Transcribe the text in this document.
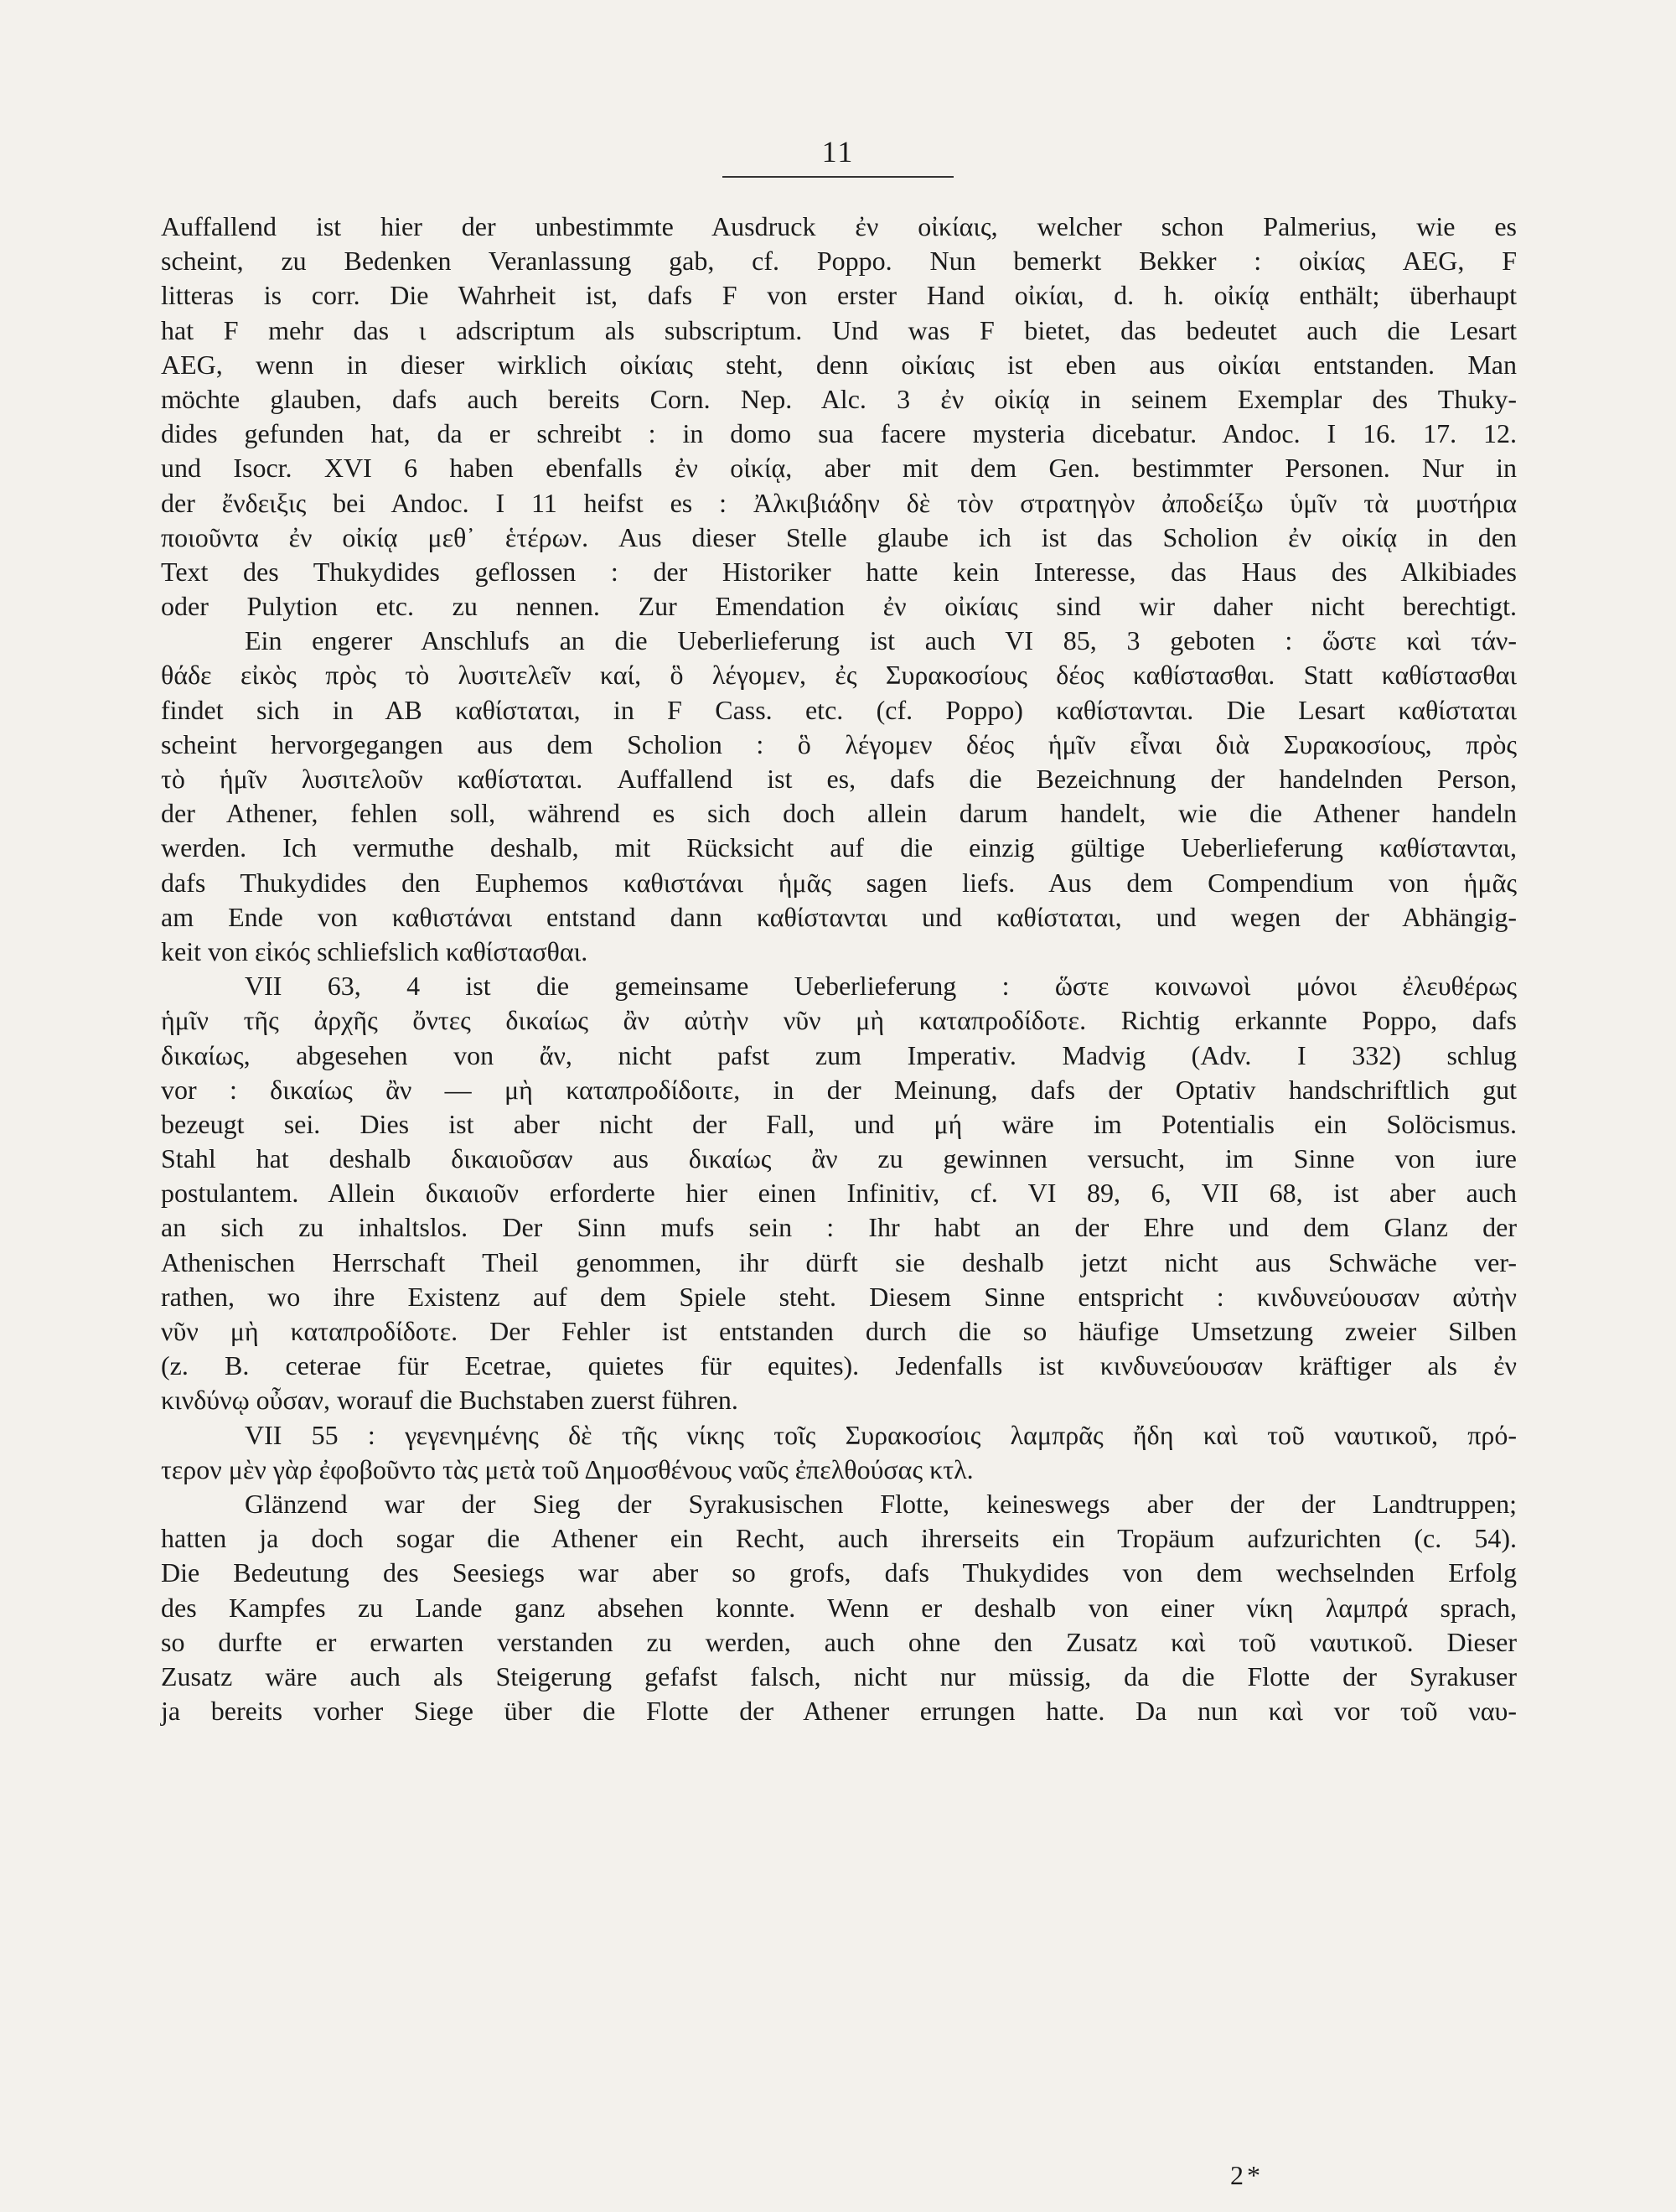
11
Auffallend ist hier der unbestimmte Ausdruck ἐν οἰκίαις, welcher schon Palmerius, wie es
scheint, zu Bedenken Veranlassung gab, cf. Poppo. Nun bemerkt Bekker : οἰκίας AEG, F
litteras is corr. Die Wahrheit ist, dafs F von erster Hand οἰκίαι, d. h. οἰκίᾳ enthält; überhaupt
hat F mehr das ι adscriptum als subscriptum. Und was F bietet, das bedeutet auch die Lesart
AEG, wenn in dieser wirklich οἰκίαις steht, denn οἰκίαις ist eben aus οἰκίαι entstanden. Man
möchte glauben, dafs auch bereits Corn. Nep. Alc. 3 ἐν οἰκίᾳ in seinem Exemplar des Thuky-
dides gefunden hat, da er schreibt : in domo sua facere mysteria dicebatur. Andoc. I 16. 17. 12.
und Isocr. XVI 6 haben ebenfalls ἐν οἰκίᾳ, aber mit dem Gen. bestimmter Personen. Nur in
der ἔνδειξις bei Andoc. I 11 heifst es : Ἀλκιβιάδην δὲ τὸν στρατηγὸν ἀποδείξω ὑμῖν τὰ μυστήρια
ποιοῦντα ἐν οἰκίᾳ μεθ᾽ ἑτέρων. Aus dieser Stelle glaube ich ist das Scholion ἐν οἰκίᾳ in den
Text des Thukydides geflossen : der Historiker hatte kein Interesse, das Haus des Alkibiades
oder Pulytion etc. zu nennen. Zur Emendation ἐν οἰκίαις sind wir daher nicht berechtigt.
Ein engerer Anschlufs an die Ueberlieferung ist auch VI 85, 3 geboten : ὥστε καὶ τάν-
θάδε εἰκὸς πρὸς τὸ λυσιτελεῖν καί, ὃ λέγομεν, ἐς Συρακοσίους δέος καθίστασθαι. Statt καθίστασθαι
findet sich in AB καθίσταται, in F Cass. etc. (cf. Poppo) καθίστανται. Die Lesart καθίσταται
scheint hervorgegangen aus dem Scholion : ὃ λέγομεν δέος ἡμῖν εἶναι διὰ Συρακοσίους, πρὸς
τὸ ἡμῖν λυσιτελοῦν καθίσταται. Auffallend ist es, dafs die Bezeichnung der handelnden Person,
der Athener, fehlen soll, während es sich doch allein darum handelt, wie die Athener handeln
werden. Ich vermuthe deshalb, mit Rücksicht auf die einzig gültige Ueberlieferung καθίστανται,
dafs Thukydides den Euphemos καθιστάναι ἡμᾶς sagen liefs. Aus dem Compendium von ἡμᾶς
am Ende von καθιστάναι entstand dann καθίστανται und καθίσταται, und wegen der Abhängig-
keit von εἰκός schliefslich καθίστασθαι.
VII 63, 4 ist die gemeinsame Ueberlieferung : ὥστε κοινωνοὶ μόνοι ἐλευθέρως
ἡμῖν τῆς ἀρχῆς ὄντες δικαίως ἂν αὐτὴν νῦν μὴ καταπροδίδοτε. Richtig erkannte Poppo, dafs
δικαίως, abgesehen von ἄν, nicht pafst zum Imperativ. Madvig (Adv. I 332) schlug
vor : δικαίως ἂν — μὴ καταπροδίδοιτε, in der Meinung, dafs der Optativ handschriftlich gut
bezeugt sei. Dies ist aber nicht der Fall, und μή wäre im Potentialis ein Solöcismus.
Stahl hat deshalb δικαιοῦσαν aus δικαίως ἂν zu gewinnen versucht, im Sinne von iure
postulantem. Allein δικαιοῦν erforderte hier einen Infinitiv, cf. VI 89, 6, VII 68, ist aber auch
an sich zu inhaltslos. Der Sinn mufs sein : Ihr habt an der Ehre und dem Glanz der
Athenischen Herrschaft Theil genommen, ihr dürft sie deshalb jetzt nicht aus Schwäche ver-
rathen, wo ihre Existenz auf dem Spiele steht. Diesem Sinne entspricht : κινδυνεύουσαν αὐτὴν
νῦν μὴ καταπροδίδοτε. Der Fehler ist entstanden durch die so häufige Umsetzung zweier Silben
(z. B. ceterae für Ecetrae, quietes für equites). Jedenfalls ist κινδυνεύουσαν kräftiger als ἐν
κινδύνῳ οὖσαν, worauf die Buchstaben zuerst führen.
VII 55 : γεγενημένης δὲ τῆς νίκης τοῖς Συρακοσίοις λαμπρᾶς ἤδη καὶ τοῦ ναυτικοῦ, πρό-
τερον μὲν γὰρ ἐφοβοῦντο τὰς μετὰ τοῦ Δημοσθένους ναῦς ἐπελθούσας κτλ.
Glänzend war der Sieg der Syrakusischen Flotte, keineswegs aber der der Landtruppen;
hatten ja doch sogar die Athener ein Recht, auch ihrerseits ein Tropäum aufzurichten (c. 54).
Die Bedeutung des Seesiegs war aber so grofs, dafs Thukydides von dem wechselnden Erfolg
des Kampfes zu Lande ganz absehen konnte. Wenn er deshalb von einer νίκη λαμπρά sprach,
so durfte er erwarten verstanden zu werden, auch ohne den Zusatz καὶ τοῦ ναυτικοῦ. Dieser
Zusatz wäre auch als Steigerung gefafst falsch, nicht nur müssig, da die Flotte der Syrakuser
ja bereits vorher Siege über die Flotte der Athener errungen hatte. Da nun καὶ vor τοῦ ναυ-
2*
